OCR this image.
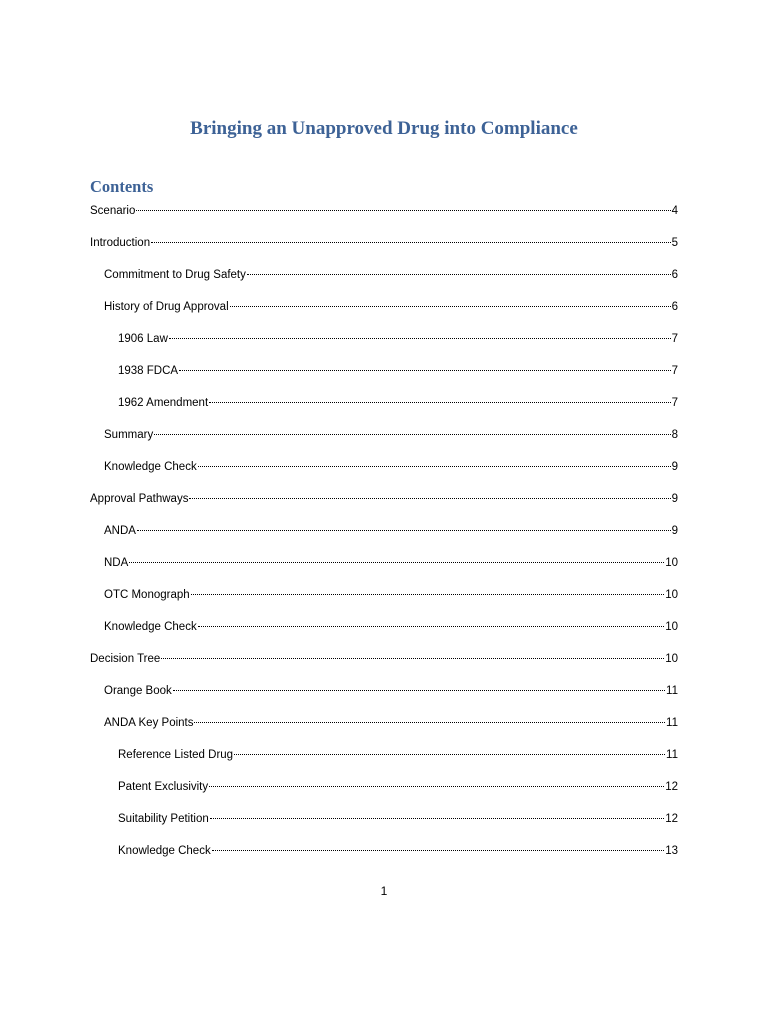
Bringing an Unapproved Drug into Compliance
Contents
Scenario	4
Introduction	5
Commitment to Drug Safety	6
History of Drug Approval	6
1906 Law	7
1938 FDCA	7
1962 Amendment	7
Summary	8
Knowledge Check	9
Approval Pathways	9
ANDA	9
NDA	10
OTC Monograph	10
Knowledge Check	10
Decision Tree	10
Orange Book	11
ANDA Key Points	11
Reference Listed Drug	11
Patent Exclusivity	12
Suitability Petition	12
Knowledge Check	13
1
